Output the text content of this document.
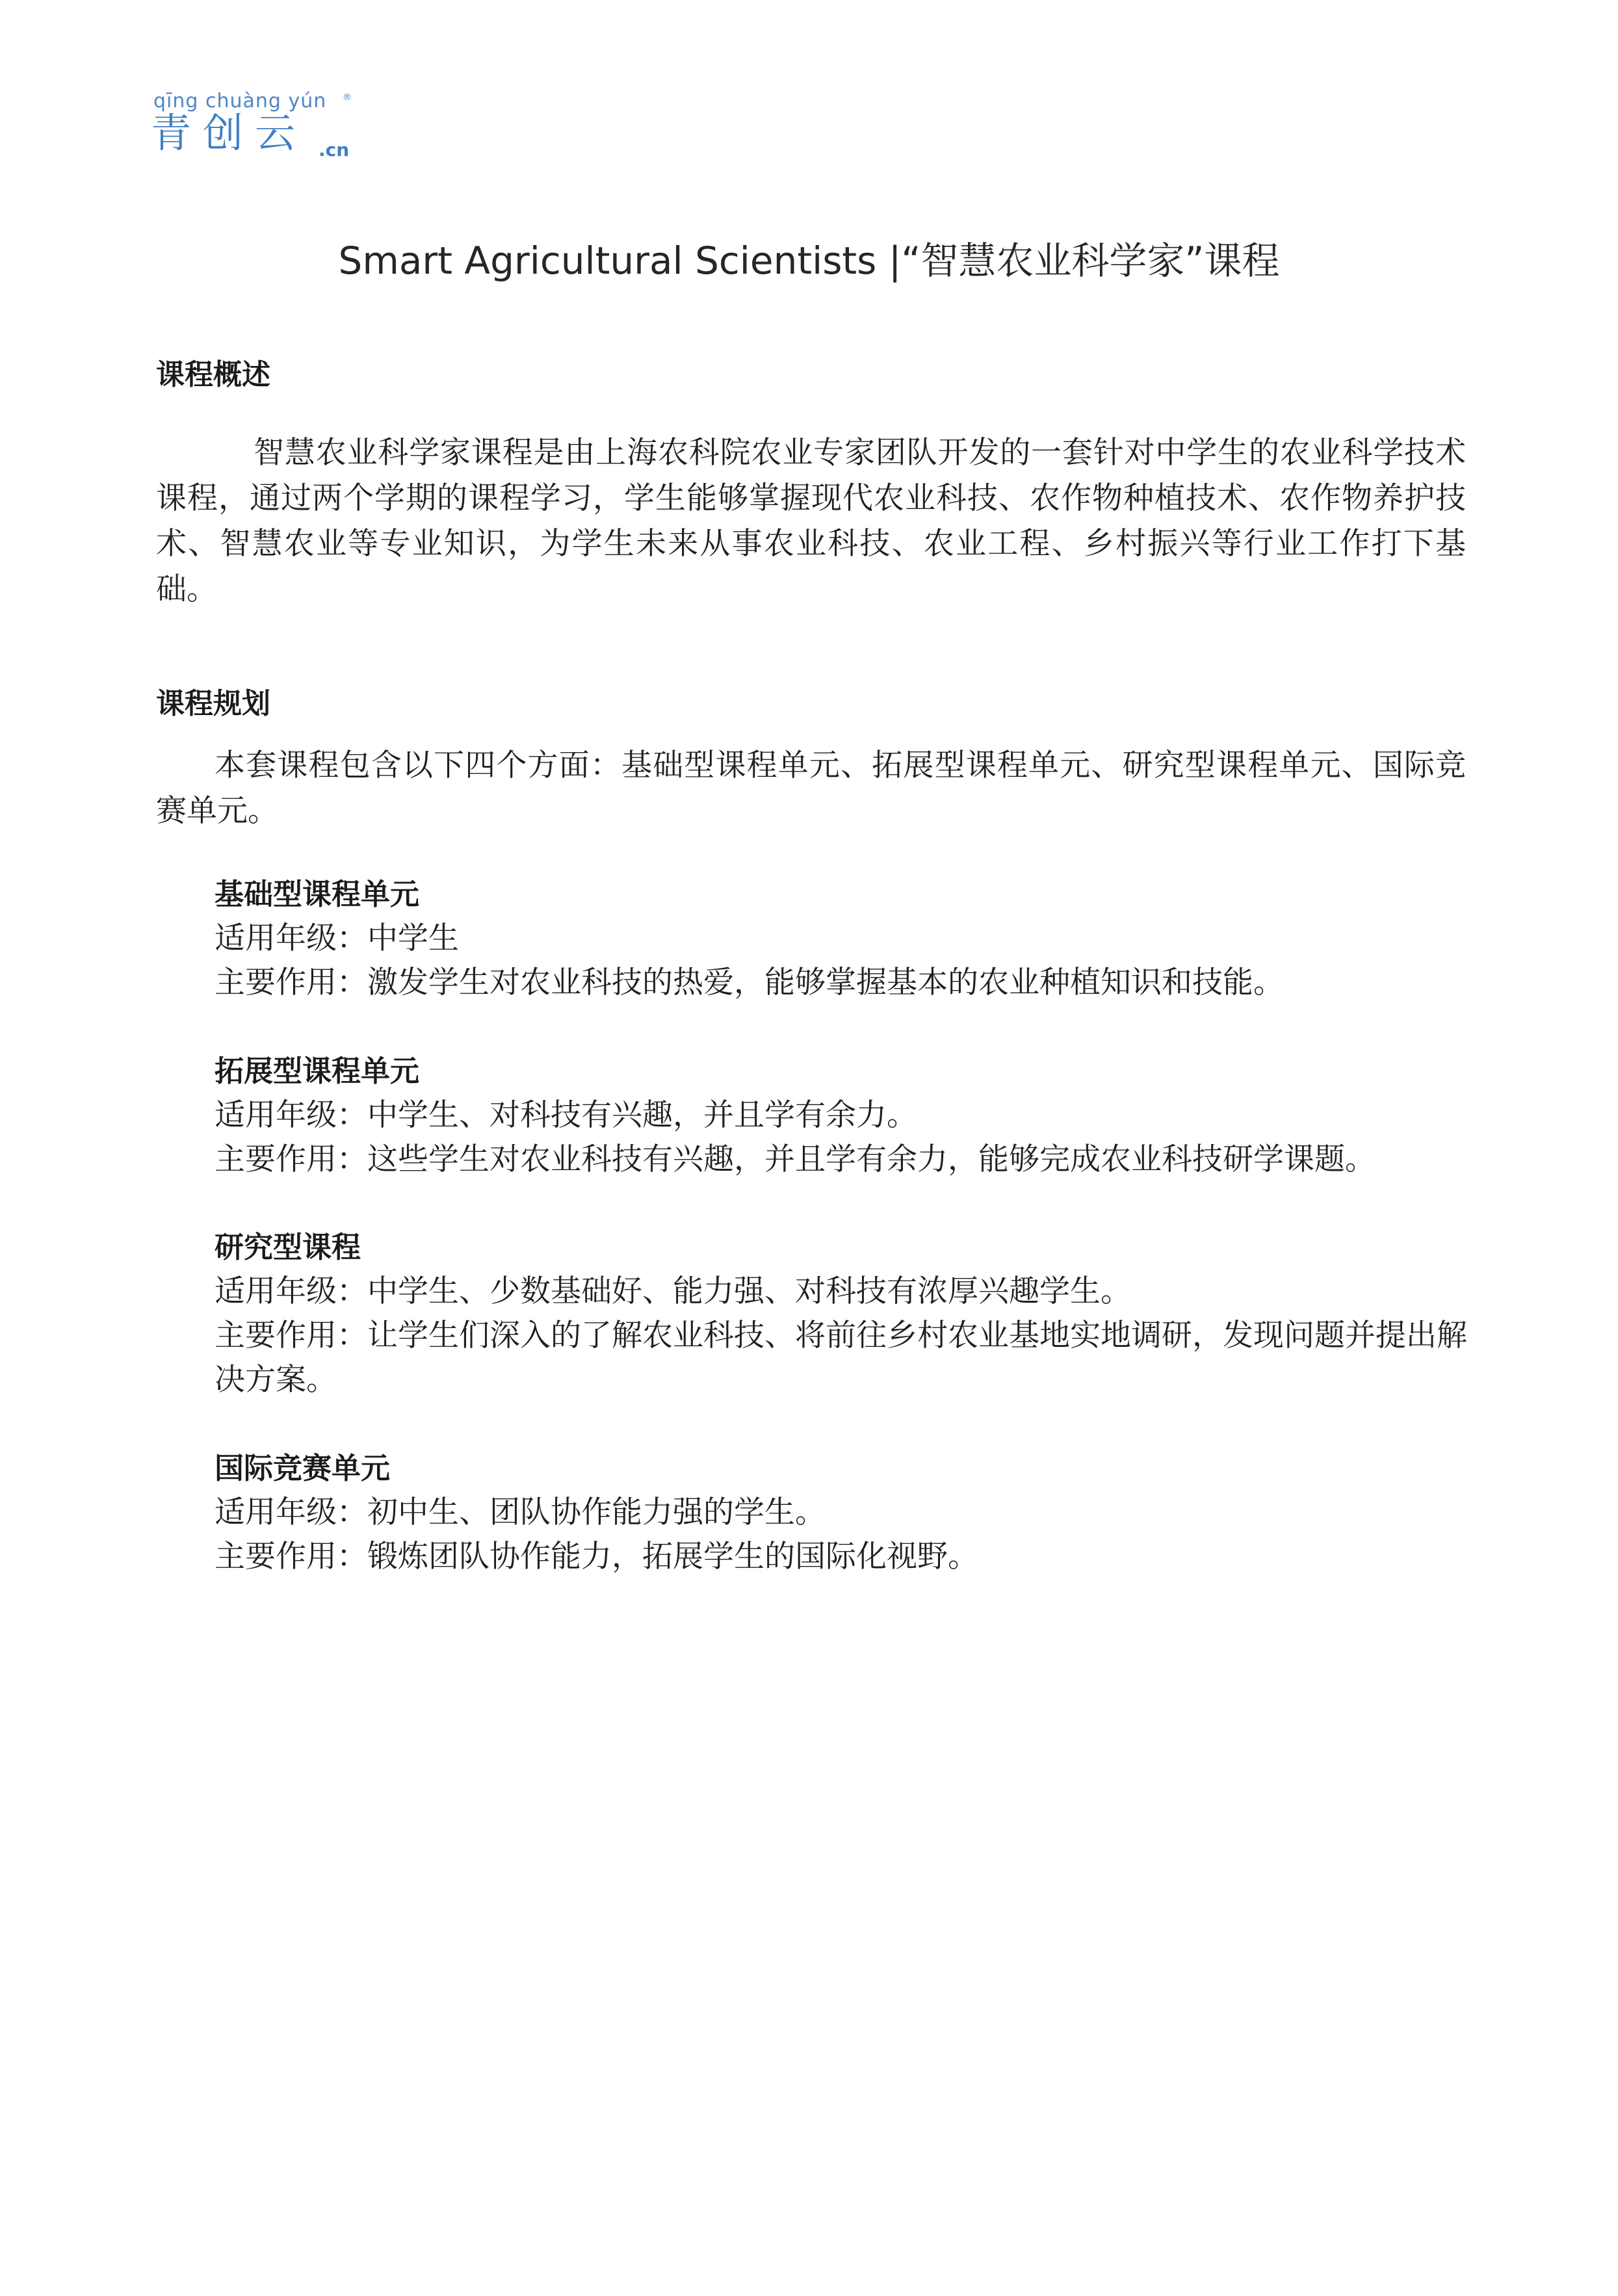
qīng chuàng yún ®
青创云 .cn
Smart Agricultural Scientists |“智慧农业科学家”课程
课程概述
智慧农业科学家课程是由上海农科院农业专家团队开发的一套针对中学生的农业科学技术课程，通过两个学期的课程学习，学生能够掌握现代农业科技、农作物种植技术、农作物养护技术、智慧农业等专业知识，为学生未来从事农业科技、农业工程、乡村振兴等行业工作打下基础。
课程规划
本套课程包含以下四个方面：基础型课程单元、拓展型课程单元、研究型课程单元、国际竞赛单元。
基础型课程单元
适用年级：中学生
主要作用：激发学生对农业科技的热爱，能够掌握基本的农业种植知识和技能。
拓展型课程单元
适用年级：中学生、对科技有兴趣，并且学有余力。
主要作用：这些学生对农业科技有兴趣，并且学有余力，能够完成农业科技研学课题。
研究型课程
适用年级：中学生、少数基础好、能力强、对科技有浓厚兴趣学生。
主要作用：让学生们深入的了解农业科技、将前往乡村农业基地实地调研，发现问题并提出解决方案。
国际竞赛单元
适用年级：初中生、团队协作能力强的学生。
主要作用：锻炼团队协作能力，拓展学生的国际化视野。
